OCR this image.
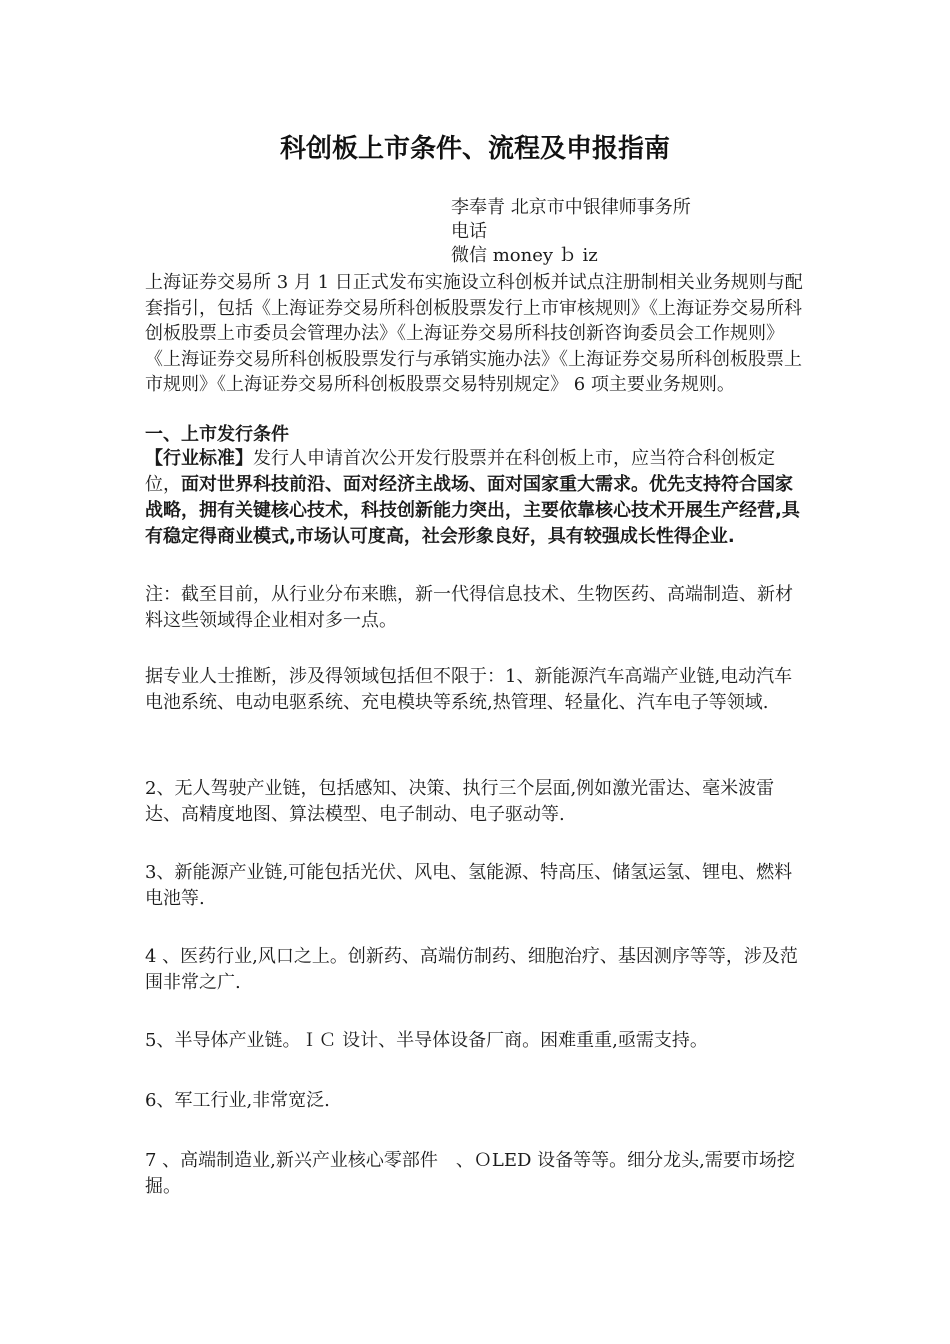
科创板上市条件、流程及申报指南
李奉青 北京市中银律师事务所
电话
微信 money ｂ iz

上海证券交易所 3 月 1 日正式发布实施设立科创板并试点注册制相关业务规则与配套指引，包括《上海证券交易所科创板股票发行上市审核规则》《上海证券交易所科创板股票上市委员会管理办法》《上海证券交易所科技创新咨询委员会工作规则》《上海证券交易所科创板股票发行与承销实施办法》《上海证券交易所科创板股票上市规则》《上海证券交易所科创板股票交易特别规定》 6 项主要业务规则。

一、上市发行条件

【行业标准】发行人申请首次公开发行股票并在科创板上市，应当符合科创板定位，面对世界科技前沿、面对经济主战场、面对国家重大需求。优先支持符合国家战略，拥有关键核心技术，科技创新能力突出，主要依靠核心技术开展生产经营,具有稳定得商业模式,市场认可度高，社会形象良好，具有较强成长性得企业.

注：截至目前，从行业分布来瞧，新一代得信息技术、生物医药、高端制造、新材料这些领域得企业相对多一点。

据专业人士推断，涉及得领域包括但不限于：1、新能源汽车高端产业链,电动汽车电池系统、电动电驱系统、充电模块等系统,热管理、轻量化、汽车电子等领域.

2、无人驾驶产业链，包括感知、决策、执行三个层面,例如激光雷达、毫米波雷达、高精度地图、算法模型、电子制动、电子驱动等.

3、新能源产业链,可能包括光伏、风电、氢能源、特高压、储氢运氢、锂电、燃料电池等.

4 、医药行业,风口之上。创新药、高端仿制药、细胞治疗、基因测序等等，涉及范围非常之广.

5、半导体产业链。ＩＣ 设计、半导体设备厂商。困难重重,亟需支持。

6、军工行业,非常宽泛.

7 、高端制造业,新兴产业核心零部件　、ＯLED 设备等等。细分龙头,需要市场挖掘。
